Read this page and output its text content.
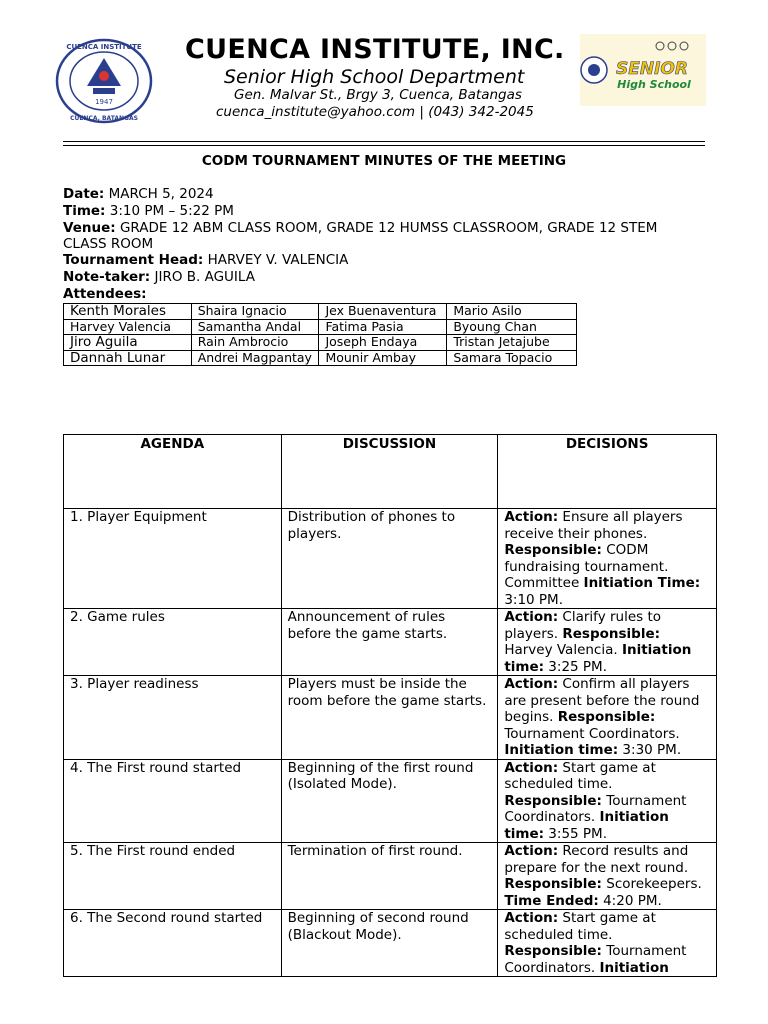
1947
CUENCA INSTITUTE
CUENCA, BATANGAS
CUENCA INSTITUTE, INC.
Senior High School Department
Gen. Malvar St., Brgy 3, Cuenca, Batangas
cuenca_institute@yahoo.com | (043) 342-2045
SENIOR
High School
CODM TOURNAMENT MINUTES OF THE MEETING
Date: MARCH 5, 2024
Time: 3:10 PM – 5:22 PM
Venue: GRADE 12 ABM CLASS ROOM, GRADE 12 HUMSS CLASSROOM, GRADE 12 STEM
CLASS ROOM
Tournament Head: HARVEY V. VALENCIA
Note-taker: JIRO B. AGUILA
Attendees:
Kenth Morales	Shaira Ignacio	Jex Buenaventura	Mario Asilo
Harvey Valencia	Samantha Andal	Fatima Pasia	Byoung Chan
Jiro Aguila	Rain Ambrocio	Joseph Endaya	Tristan Jetajube
Dannah Lunar	Andrei Magpantay	Mounir Ambay	Samara Topacio
AGENDA	DISCUSSION	DECISIONS
1. Player Equipment	Distribution of phones to players.	Action: Ensure all players receive their phones. Responsible: CODM fundraising tournament. Committee Initiation Time: 3:10 PM.
2. Game rules	Announcement of rules before the game starts.	Action: Clarify rules to players. Responsible: Harvey Valencia. Initiation time: 3:25 PM.
3. Player readiness	Players must be inside the room before the game starts.	Action: Confirm all players are present before the round begins. Responsible: Tournament Coordinators. Initiation time: 3:30 PM.
4. The First round started	Beginning of the first round (Isolated Mode).	Action: Start game at scheduled time. Responsible: Tournament Coordinators. Initiation time: 3:55 PM.
5. The First round ended	Termination of first round.	Action: Record results and prepare for the next round. Responsible: Scorekeepers. Time Ended: 4:20 PM.
6. The Second round started	Beginning of second round (Blackout Mode).	Action: Start game at scheduled time. Responsible: Tournament Coordinators. Initiation
